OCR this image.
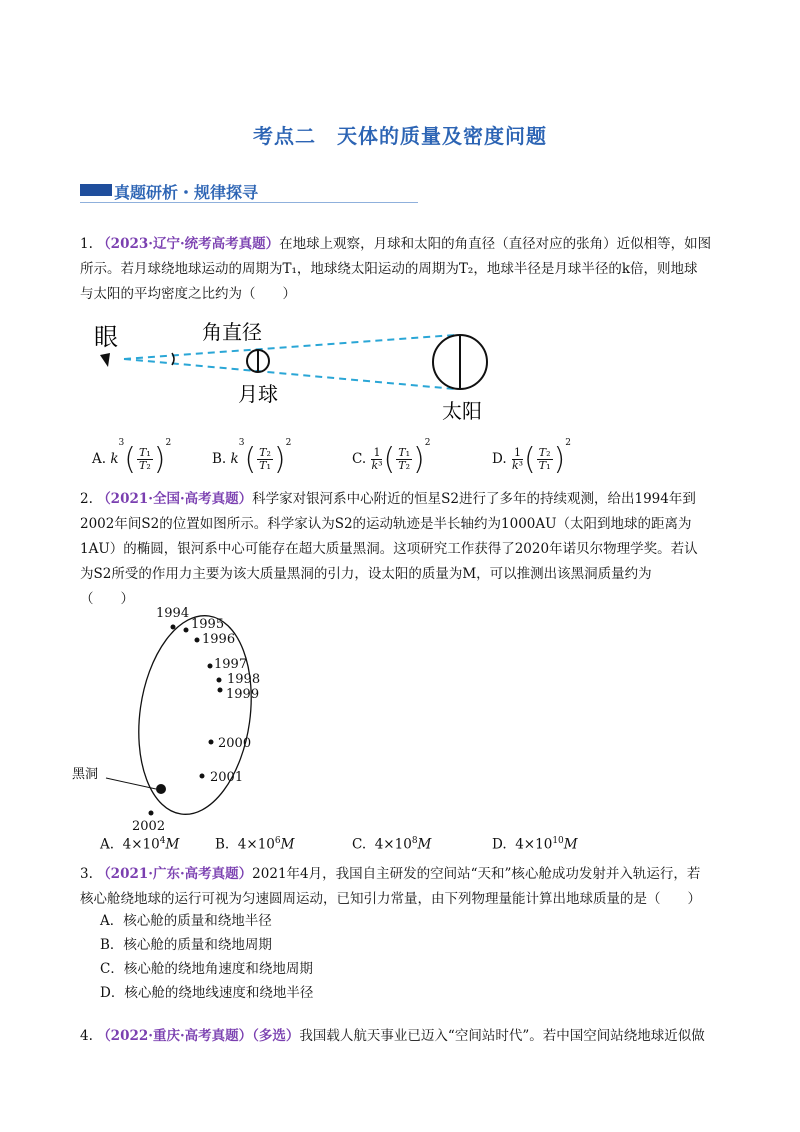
考点二　天体的质量及密度问题
真题研析・规律探寻
1. （2023·辽宁·统考高考真题）在地球上观察，月球和太阳的角直径（直径对应的张角）近似相等，如图
所示。若月球绕地球运动的周期为T₁，地球绕太阳运动的周期为T₂，地球半径是月球半径的k倍，则地球
与太阳的平均密度之比约为（　　）
眼	角直径
月球
太阳
A. $k^3( \frac{\text{T₁}}{\text{T₂}} )^2$
B. $k^3( \frac{\text{T₂}}{\text{T₁}} )^2$
C. $\frac{1}{\text{k³}}$ ( $\frac{\text{T₁}}{\text{T₂}} )^2$
D. $\frac{1}{\text{k³}}$ ( $\frac{\text{T₂}}{\text{T₁}} )^2$
2. （2021·全国·高考真题）科学家对银河系中心附近的恒星S2进行了多年的持续观测，给出1994年到
2002年间S2的位置如图所示。科学家认为S2的运动轨迹是半长轴约为1000AU（太阳到地球的距离为
1AU）的椭圆，银河系中心可能存在超大质量黑洞。这项研究工作获得了2020年诺贝尔物理学奖。若认
为S2所受的作用力主要为该大质量黑洞的引力，设太阳的质量为M，可以推测出该黑洞质量约为
（　　）
1994
1995
1996
1997
1998
1999
2000
2001
2002
黑洞
A.  $4\times 10^4M$	B.  $4\times 10^6M$	C.  $4\times 10^8M$	D.  $4\times 10^{10}M$
3. （2021·广东·高考真题）2021年4月，我国自主研发的空间站“天和”核心舱成功发射并入轨运行，若
核心舱绕地球的运行可视为匀速圆周运动，已知引力常量，由下列物理量能计算出地球质量的是（　　）
A．核心舱的质量和绕地半径
B．核心舱的质量和绕地周期
C．核心舱的绕地角速度和绕地周期
D．核心舱的绕地线速度和绕地半径
4. （2022·重庆·高考真题）（多选）我国载人航天事业已迈入“空间站时代”。若中国空间站绕地球近似做
